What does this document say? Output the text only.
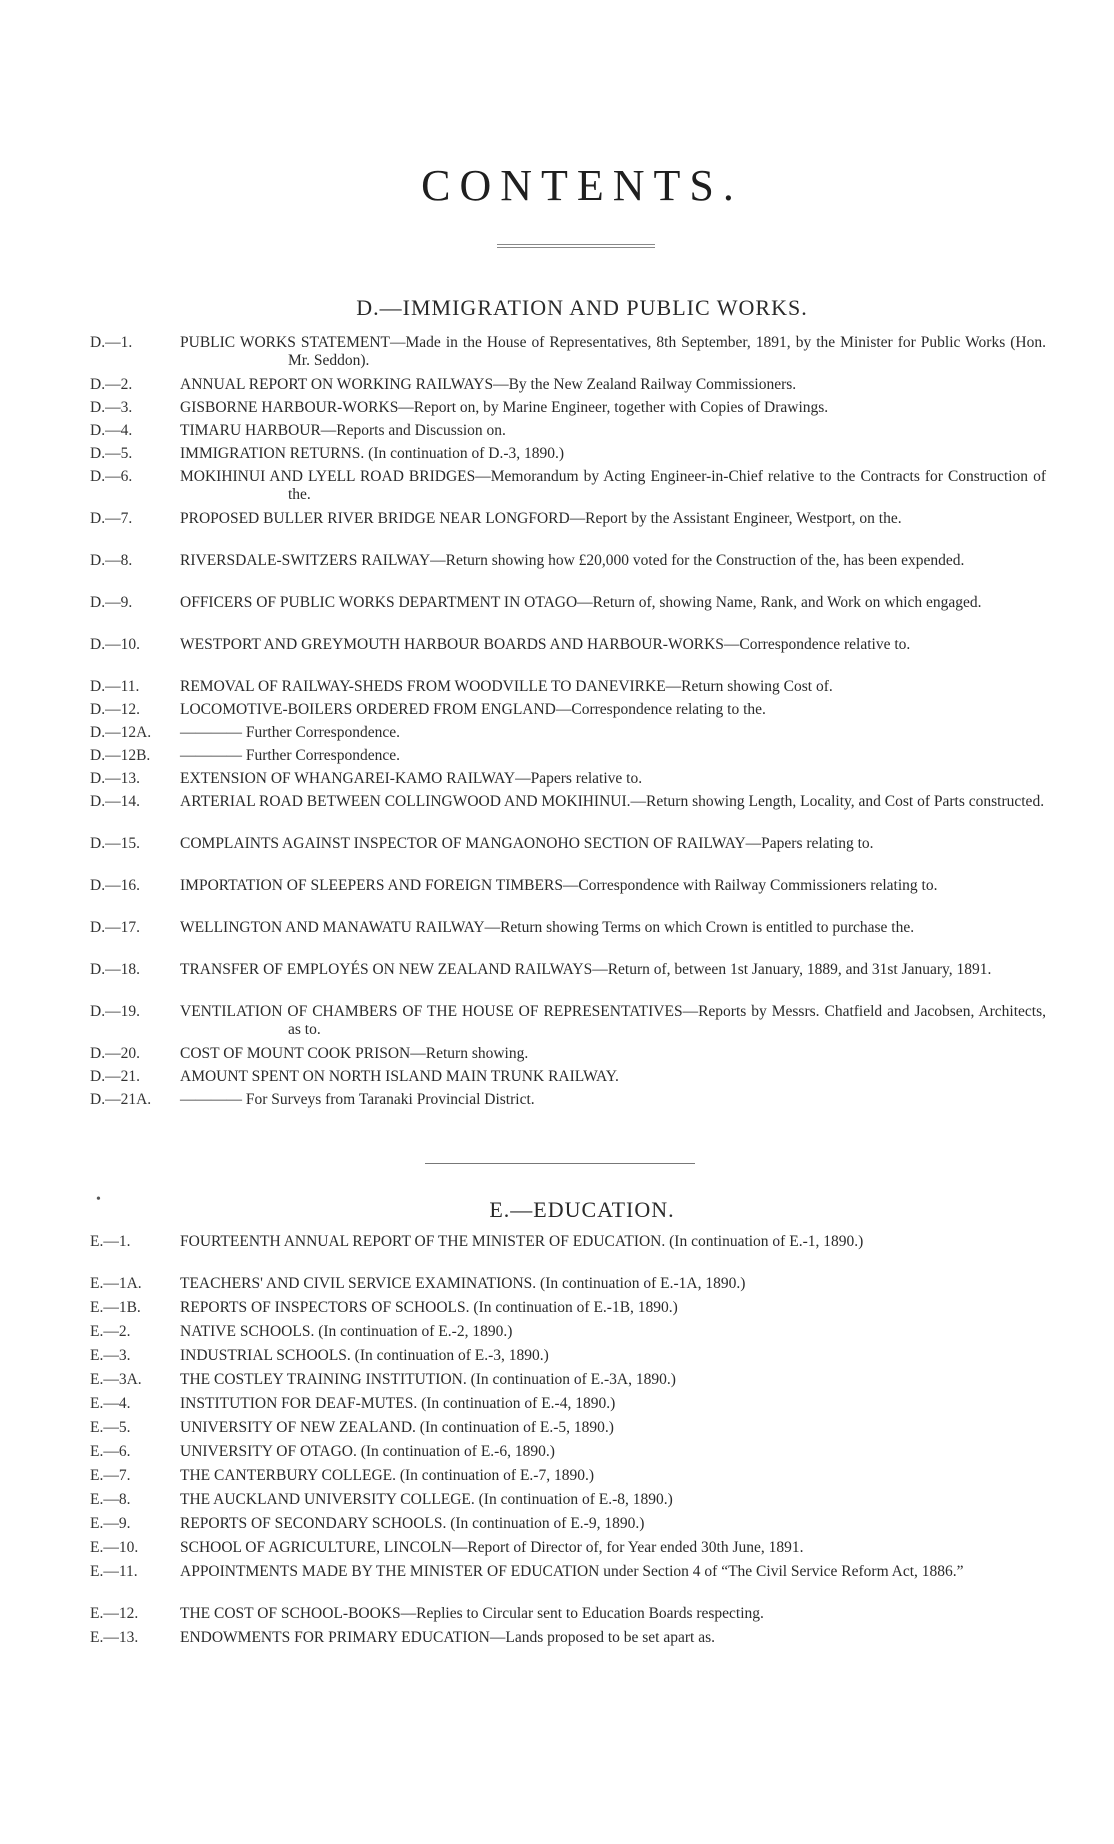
CONTENTS.
D.—IMMIGRATION AND PUBLIC WORKS.
D.—1.	PUBLIC WORKS STATEMENT—Made in the House of Representatives, 8th September, 1891, by the Minister for Public Works (Hon. Mr. Seddon).
D.—2.	ANNUAL REPORT ON WORKING RAILWAYS—By the New Zealand Railway Commissioners.
D.—3.	GISBORNE HARBOUR-WORKS—Report on, by Marine Engineer, together with Copies of Drawings.
D.—4.	TIMARU HARBOUR—Reports and Discussion on.
D.—5.	IMMIGRATION RETURNS. (In continuation of D.-3, 1890.)
D.—6.	MOKIHINUI AND LYELL ROAD BRIDGES—Memorandum by Acting Engineer-in-Chief relative to the Contracts for Construction of the.
D.—7.	PROPOSED BULLER RIVER BRIDGE NEAR LONGFORD—Report by the Assistant Engineer, Westport, on the.
D.—8.	RIVERSDALE-SWITZERS RAILWAY—Return showing how £20,000 voted for the Construction of the, has been expended.
D.—9.	OFFICERS OF PUBLIC WORKS DEPARTMENT IN OTAGO—Return of, showing Name, Rank, and Work on which engaged.
D.—10.	WESTPORT AND GREYMOUTH HARBOUR BOARDS AND HARBOUR-WORKS—Correspondence relative to.
D.—11.	REMOVAL OF RAILWAY-SHEDS FROM WOODVILLE TO DANEVIRKE—Return showing Cost of.
D.—12.	LOCOMOTIVE-BOILERS ORDERED FROM ENGLAND—Correspondence relating to the.
D.—12A.	———— Further Correspondence.
D.—12B.	———— Further Correspondence.
D.—13.	EXTENSION OF WHANGAREI-KAMO RAILWAY—Papers relative to.
D.—14.	ARTERIAL ROAD BETWEEN COLLINGWOOD AND MOKIHINUI.—Return showing Length, Locality, and Cost of Parts constructed.
D.—15.	COMPLAINTS AGAINST INSPECTOR OF MANGAONOHO SECTION OF RAILWAY—Papers relating to.
D.—16.	IMPORTATION OF SLEEPERS AND FOREIGN TIMBERS—Correspondence with Railway Commissioners relating to.
D.—17.	WELLINGTON AND MANAWATU RAILWAY—Return showing Terms on which Crown is entitled to purchase the.
D.—18.	TRANSFER OF EMPLOYÉS ON NEW ZEALAND RAILWAYS—Return of, between 1st January, 1889, and 31st January, 1891.
D.—19.	VENTILATION OF CHAMBERS OF THE HOUSE OF REPRESENTATIVES—Reports by Messrs. Chatfield and Jacobsen, Architects, as to.
D.—20.	COST OF MOUNT COOK PRISON—Return showing.
D.—21.	AMOUNT SPENT ON NORTH ISLAND MAIN TRUNK RAILWAY.
D.—21A.	———— For Surveys from Taranaki Provincial District.
E.—EDUCATION.
E.—1.	FOURTEENTH ANNUAL REPORT OF THE MINISTER OF EDUCATION. (In continuation of E.-1, 1890.)
E.—1A.	TEACHERS' AND CIVIL SERVICE EXAMINATIONS. (In continuation of E.-1A, 1890.)
E.—1B.	REPORTS OF INSPECTORS OF SCHOOLS. (In continuation of E.-1B, 1890.)
E.—2.	NATIVE SCHOOLS. (In continuation of E.-2, 1890.)
E.—3.	INDUSTRIAL SCHOOLS. (In continuation of E.-3, 1890.)
E.—3A.	THE COSTLEY TRAINING INSTITUTION. (In continuation of E.-3A, 1890.)
E.—4.	INSTITUTION FOR DEAF-MUTES. (In continuation of E.-4, 1890.)
E.—5.	UNIVERSITY OF NEW ZEALAND. (In continuation of E.-5, 1890.)
E.—6.	UNIVERSITY OF OTAGO. (In continuation of E.-6, 1890.)
E.—7.	THE CANTERBURY COLLEGE. (In continuation of E.-7, 1890.)
E.—8.	THE AUCKLAND UNIVERSITY COLLEGE. (In continuation of E.-8, 1890.)
E.—9.	REPORTS OF SECONDARY SCHOOLS. (In continuation of E.-9, 1890.)
E.—10.	SCHOOL OF AGRICULTURE, LINCOLN—Report of Director of, for Year ended 30th June, 1891.
E.—11.	APPOINTMENTS MADE BY THE MINISTER OF EDUCATION under Section 4 of “The Civil Service Reform Act, 1886.”
E.—12.	THE COST OF SCHOOL-BOOKS—Replies to Circular sent to Education Boards respecting.
E.—13.	ENDOWMENTS FOR PRIMARY EDUCATION—Lands proposed to be set apart as.
•
